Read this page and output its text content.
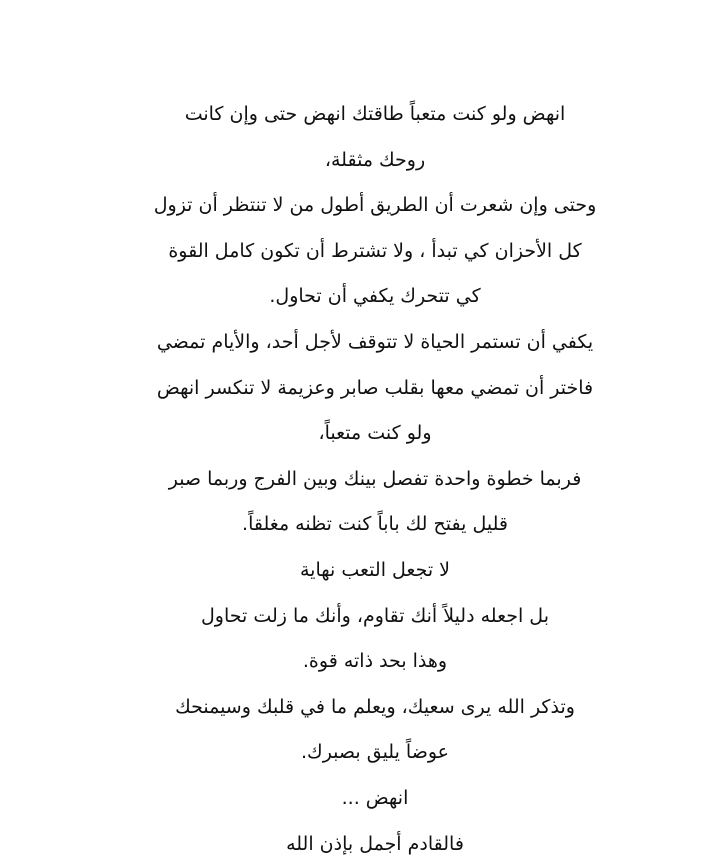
انهض ولو كنت متعباً طاقتك انهض حتى وإن كانت
روحك مثقلة،
وحتى وإن شعرت أن الطريق أطول من لا تنتظر أن تزول
كل الأحزان كي تبدأ ، ولا تشترط أن تكون كامل القوة
كي تتحرك يكفي أن تحاول.
يكفي أن تستمر الحياة لا تتوقف لأجل أحد، والأيام تمضي
فاختر أن تمضي معها بقلب صابر وعزيمة لا تنكسر انهض
ولو كنت متعباً،
فربما خطوة واحدة تفصل بينك وبين الفرج وربما صبر
قليل يفتح لك باباً كنت تظنه مغلقاً.
لا تجعل التعب نهاية
بل اجعله دليلاً أنك تقاوم، وأنك ما زلت تحاول
وهذا بحد ذاته قوة.
وتذكر الله يرى سعيك، ويعلم ما في قلبك وسيمنحك
عوضاً يليق بصبرك.
انهض ...
فالقادم أجمل بإذن الله
